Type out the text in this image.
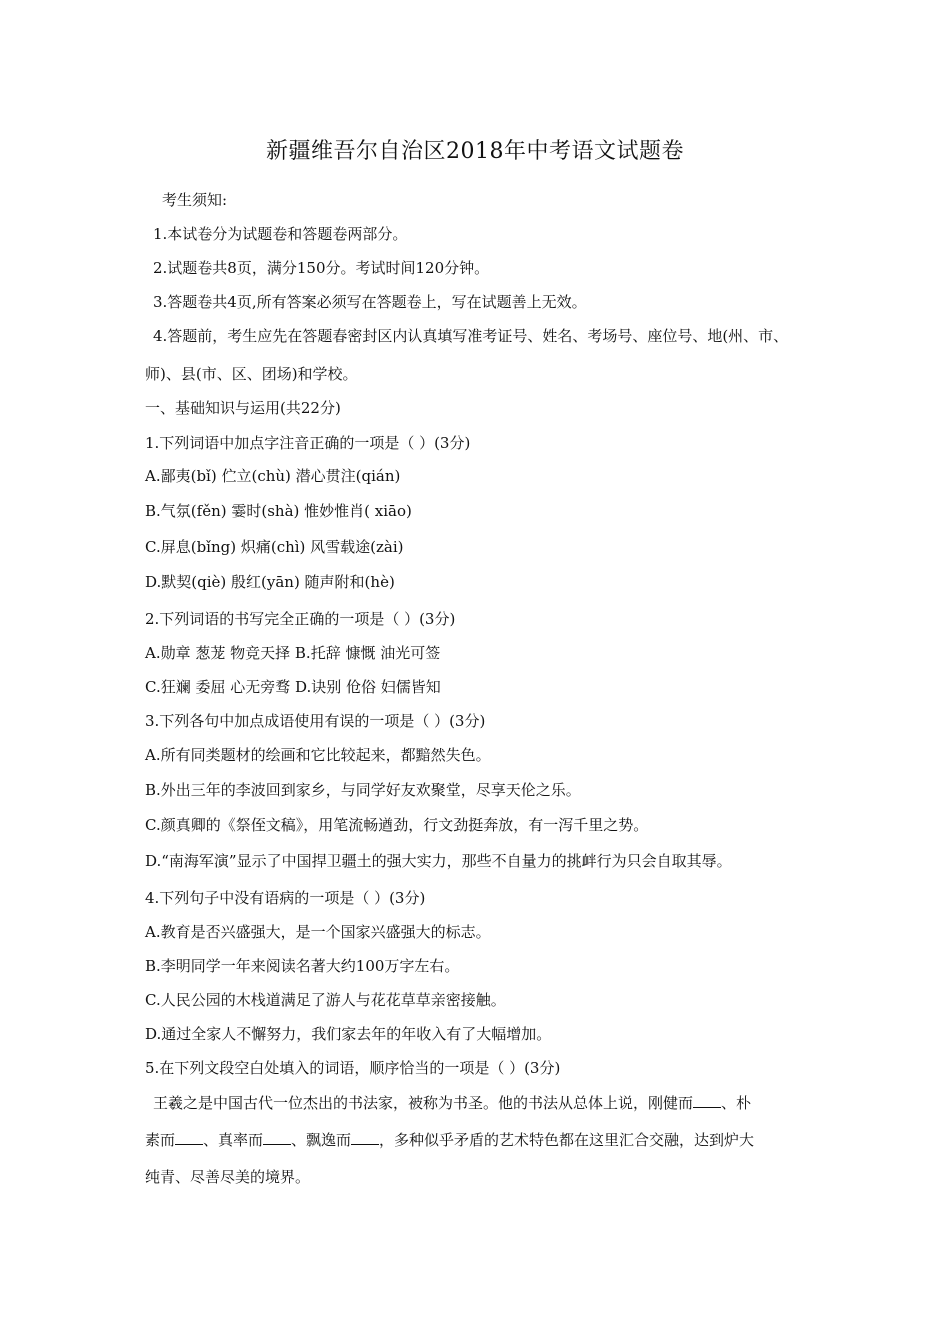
新疆维吾尔自治区2018年中考语文试题卷
考生须知:
1.本试卷分为试题卷和答题卷两部分。
2.试题卷共8页，满分150分。考试时间120分钟。
3.答题卷共4页,所有答案必须写在答题卷上，写在试题善上无效。
4.答题前，考生应先在答题春密封区内认真填写准考证号、姓名、考场号、座位号、地(州、市、
师)、县(市、区、团场)和学校。
一、基础知识与运用(共22分)
1.下列词语中加点字注音正确的一项是（ ）(3分)
A.鄙夷(bǐ) 伫立(chù) 潜心贯注(qián)
B.气氛(fěn) 霎时(shà) 惟妙惟肖( xiāo)
C.屏息(bǐng) 炽痛(chì) 风雪载途(zài)
D.默契(qiè) 殷红(yān) 随声附和(hè)
2.下列词语的书写完全正确的一项是（ ）(3分)
A.勋章 葱茏 物竞天择 B.托辞 慷慨 油光可签
C.狂斓 委屈 心无旁骛 D.诀别 伧俗 妇儒皆知
3.下列各句中加点成语使用有误的一项是（ ）(3分)
A.所有同类题材的绘画和它比较起来，都黯然失色。
B.外出三年的李波回到家乡，与同学好友欢聚堂，尽享天伦之乐。
C.颜真卿的《祭侄文稿》，用笔流畅遒劲，行文劲挺奔放，有一泻千里之势。
D.“南海军演”显示了中国捍卫疆土的强大实力，那些不自量力的挑衅行为只会自取其辱。
4.下列句子中没有语病的一项是（ ）(3分)
A.教育是否兴盛强大，是一个国家兴盛强大的标志。
B.李明同学一年来阅读名著大约100万字左右。
C.人民公园的木栈道满足了游人与花花草草亲密接触。
D.通过全家人不懈努力，我们家去年的年收入有了大幅增加。
5.在下列文段空白处填入的词语，顺序恰当的一项是（ ）(3分)
王羲之是中国古代一位杰出的书法家，被称为书圣。他的书法从总体上说，刚健而 、朴
素而 、真率而 、飘逸而 ，多种似乎矛盾的艺术特色都在这里汇合交融，达到炉大
纯青、尽善尽美的境界。
